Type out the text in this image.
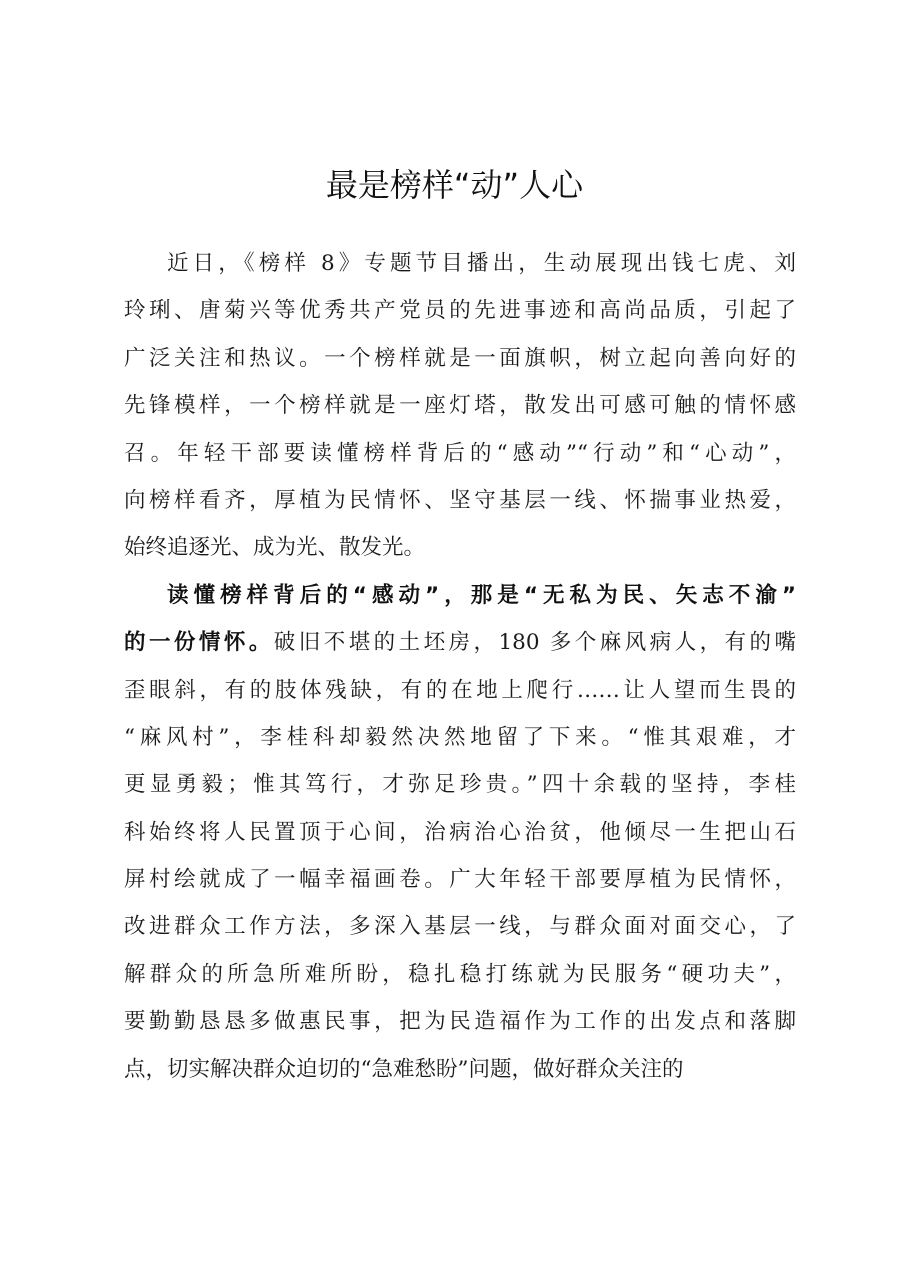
最是榜样“动”人心
近日，《榜样 8》专题节目播出，生动展现出钱七虎、刘
玲琍、唐菊兴等优秀共产党员的先进事迹和高尚品质，引起了
广泛关注和热议。一个榜样就是一面旗帜，树立起向善向好的
先锋模样，一个榜样就是一座灯塔，散发出可感可触的情怀感
召。年轻干部要读懂榜样背后的“感动”“行动”和“心动”，
向榜样看齐，厚植为民情怀、坚守基层一线、怀揣事业热爱，
始终追逐光、成为光、散发光。
读懂榜样背后的“感动”，那是“无私为民、矢志不渝”
的一份情怀。破旧不堪的土坯房，180 多个麻风病人，有的嘴
歪眼斜，有的肢体残缺，有的在地上爬行……让人望而生畏的
“麻风村”，李桂科却毅然决然地留了下来。“惟其艰难，才
更显勇毅；惟其笃行，才弥足珍贵。”四十余载的坚持，李桂
科始终将人民置顶于心间，治病治心治贫，他倾尽一生把山石
屏村绘就成了一幅幸福画卷。广大年轻干部要厚植为民情怀，
改进群众工作方法，多深入基层一线，与群众面对面交心，了
解群众的所急所难所盼，稳扎稳打练就为民服务“硬功夫”，
要勤勤恳恳多做惠民事，把为民造福作为工作的出发点和落脚
点，切实解决群众迫切的“急难愁盼”问题，做好群众关注的
